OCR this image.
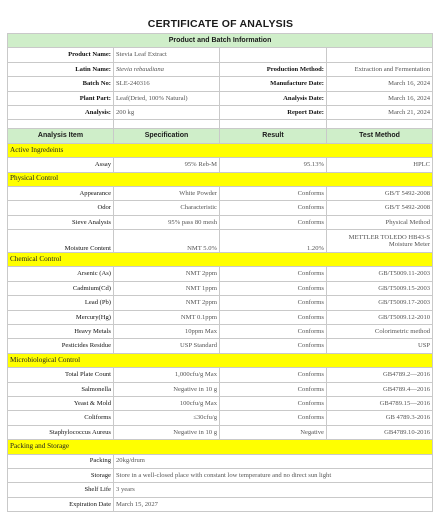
CERTIFICATE OF ANALYSIS
Product and Batch Information			
Product Name:	Stevia Leaf Extract		
Latin Name:	Stevia rebaudiana	Production Method:	Extraction and Fermentation
Batch No:	SLE-240316	Manufacture Date:	March 16, 2024
Plant Part:	Leaf(Dried, 100% Natural)	Analysis Date:	March 16, 2024
Analysis:	200 kg	Report Date:	March 21, 2024

Analysis Item	Specification	Result	Test Method
Active Ingredeints			
Assay	95% Reb-M	95.13%	HPLC
Physical Control			
Appearance	White Powder	Conforms	GB/T 5492-2008
Odor	Characteristic	Conforms	GB/T 5492-2008
Sieve Analysis	95% pass 80 mesh	Conforms	Physical Method
Moisture Content	NMT 5.0%	1.20%	METTLER TOLEDO HB43-S Moisture Meter
Chemical Control			
Arsenic (As)	NMT 2ppm	Conforms	GB/T5009.11-2003
Cadmium(Cd)	NMT 1ppm	Conforms	GB/T5009.15-2003
Lead (Pb)	NMT 2ppm	Conforms	GB/T5009.17-2003
Mercury(Hg)	NMT 0.1ppm	Conforms	GB/T5009.12-2010
Heavy Metals	10ppm Max	Conforms	Colorimetric method
Pesticides Residue	USP Standard	Conforms	USP
Microbiological Control			
Total Plate Count	1,000cfu/g Max	Conforms	GB4789.2—2016
Salmonella	Negative in 10 g	Conforms	GB4789.4—2016
Yeast & Mold	100cfu/g Max	Conforms	GB4789.15—2016
Coliforms	≤30cfu/g	Conforms	GB 4789.3-2016
Staphylococcus Aureus	Negative in 10 g	Negative	GB4789.10-2016
Packing and Storage			
Packing	20kg/drum		
Storage	Store in a well-closed place with constant low temperature and no direct sun light		
Shelf Life	3 years		
Expiration Date	March 15, 2027		
